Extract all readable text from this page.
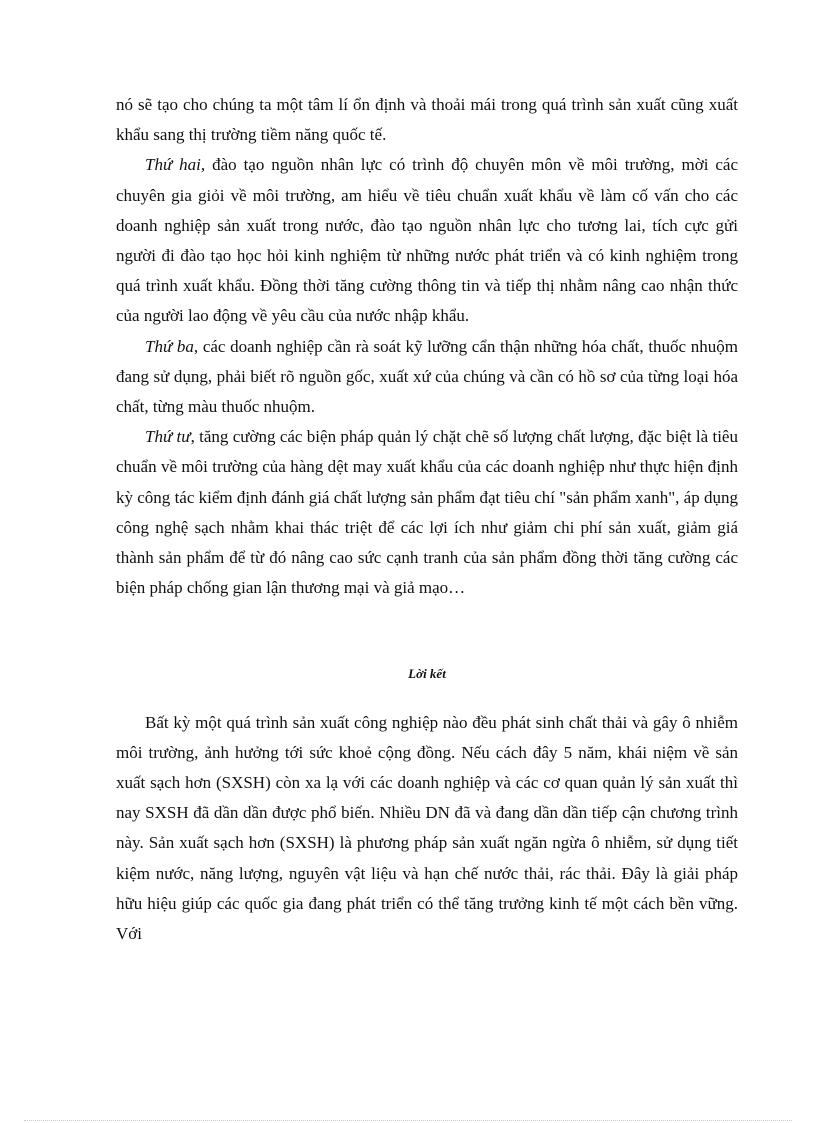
nó sẽ tạo cho chúng ta một tâm lí ổn định và thoải mái trong quá trình sản xuất cũng xuất khẩu sang thị trường tiềm năng quốc tế.

Thứ hai, đào tạo nguồn nhân lực có trình độ chuyên môn về môi trường, mời các chuyên gia giỏi về môi trường, am hiểu về tiêu chuẩn xuất khẩu về làm cố vấn cho các doanh nghiệp sản xuất trong nước, đào tạo nguồn nhân lực cho tương lai, tích cực gửi người đi đào tạo học hỏi kinh nghiệm từ những nước phát triển và có kinh nghiệm trong quá trình xuất khẩu. Đồng thời tăng cường thông tin và tiếp thị nhằm nâng cao nhận thức của người lao động về yêu cầu của nước nhập khẩu.

Thứ ba, các doanh nghiệp cần rà soát kỹ lưỡng cẩn thận những hóa chất, thuốc nhuộm đang sử dụng, phải biết rõ nguồn gốc, xuất xứ của chúng và cần có hồ sơ của từng loại hóa chất, từng màu thuốc nhuộm.

Thứ tư, tăng cường các biện pháp quản lý chặt chẽ số lượng chất lượng, đặc biệt là tiêu chuẩn về môi trường của hàng dệt may xuất khẩu của các doanh nghiệp như thực hiện định kỳ công tác kiểm định đánh giá chất lượng sản phẩm đạt tiêu chí "sản phẩm xanh", áp dụng công nghệ sạch nhằm khai thác triệt để các lợi ích như giảm chi phí sản xuất, giảm giá thành sản phẩm để từ đó nâng cao sức cạnh tranh của sản phẩm đồng thời tăng cường các biện pháp chống gian lận thương mại và giả mạo…

Lời kết

Bất kỳ một quá trình sản xuất công nghiệp nào đều phát sinh chất thải và gây ô nhiễm môi trường, ảnh hưởng tới sức khoẻ cộng đồng. Nếu cách đây 5 năm, khái niệm về sản xuất sạch hơn (SXSH) còn xa lạ với các doanh nghiệp và các cơ quan quản lý sản xuất thì nay SXSH đã dần dần được phổ biến. Nhiều DN đã và đang dần dần tiếp cận chương trình này. Sản xuất sạch hơn (SXSH) là phương pháp sản xuất ngăn ngừa ô nhiễm, sử dụng tiết kiệm nước, năng lượng, nguyên vật liệu và hạn chế nước thải, rác thải. Đây là giải pháp hữu hiệu giúp các quốc gia đang phát triển có thể tăng trưởng kinh tế một cách bền vững. Với
